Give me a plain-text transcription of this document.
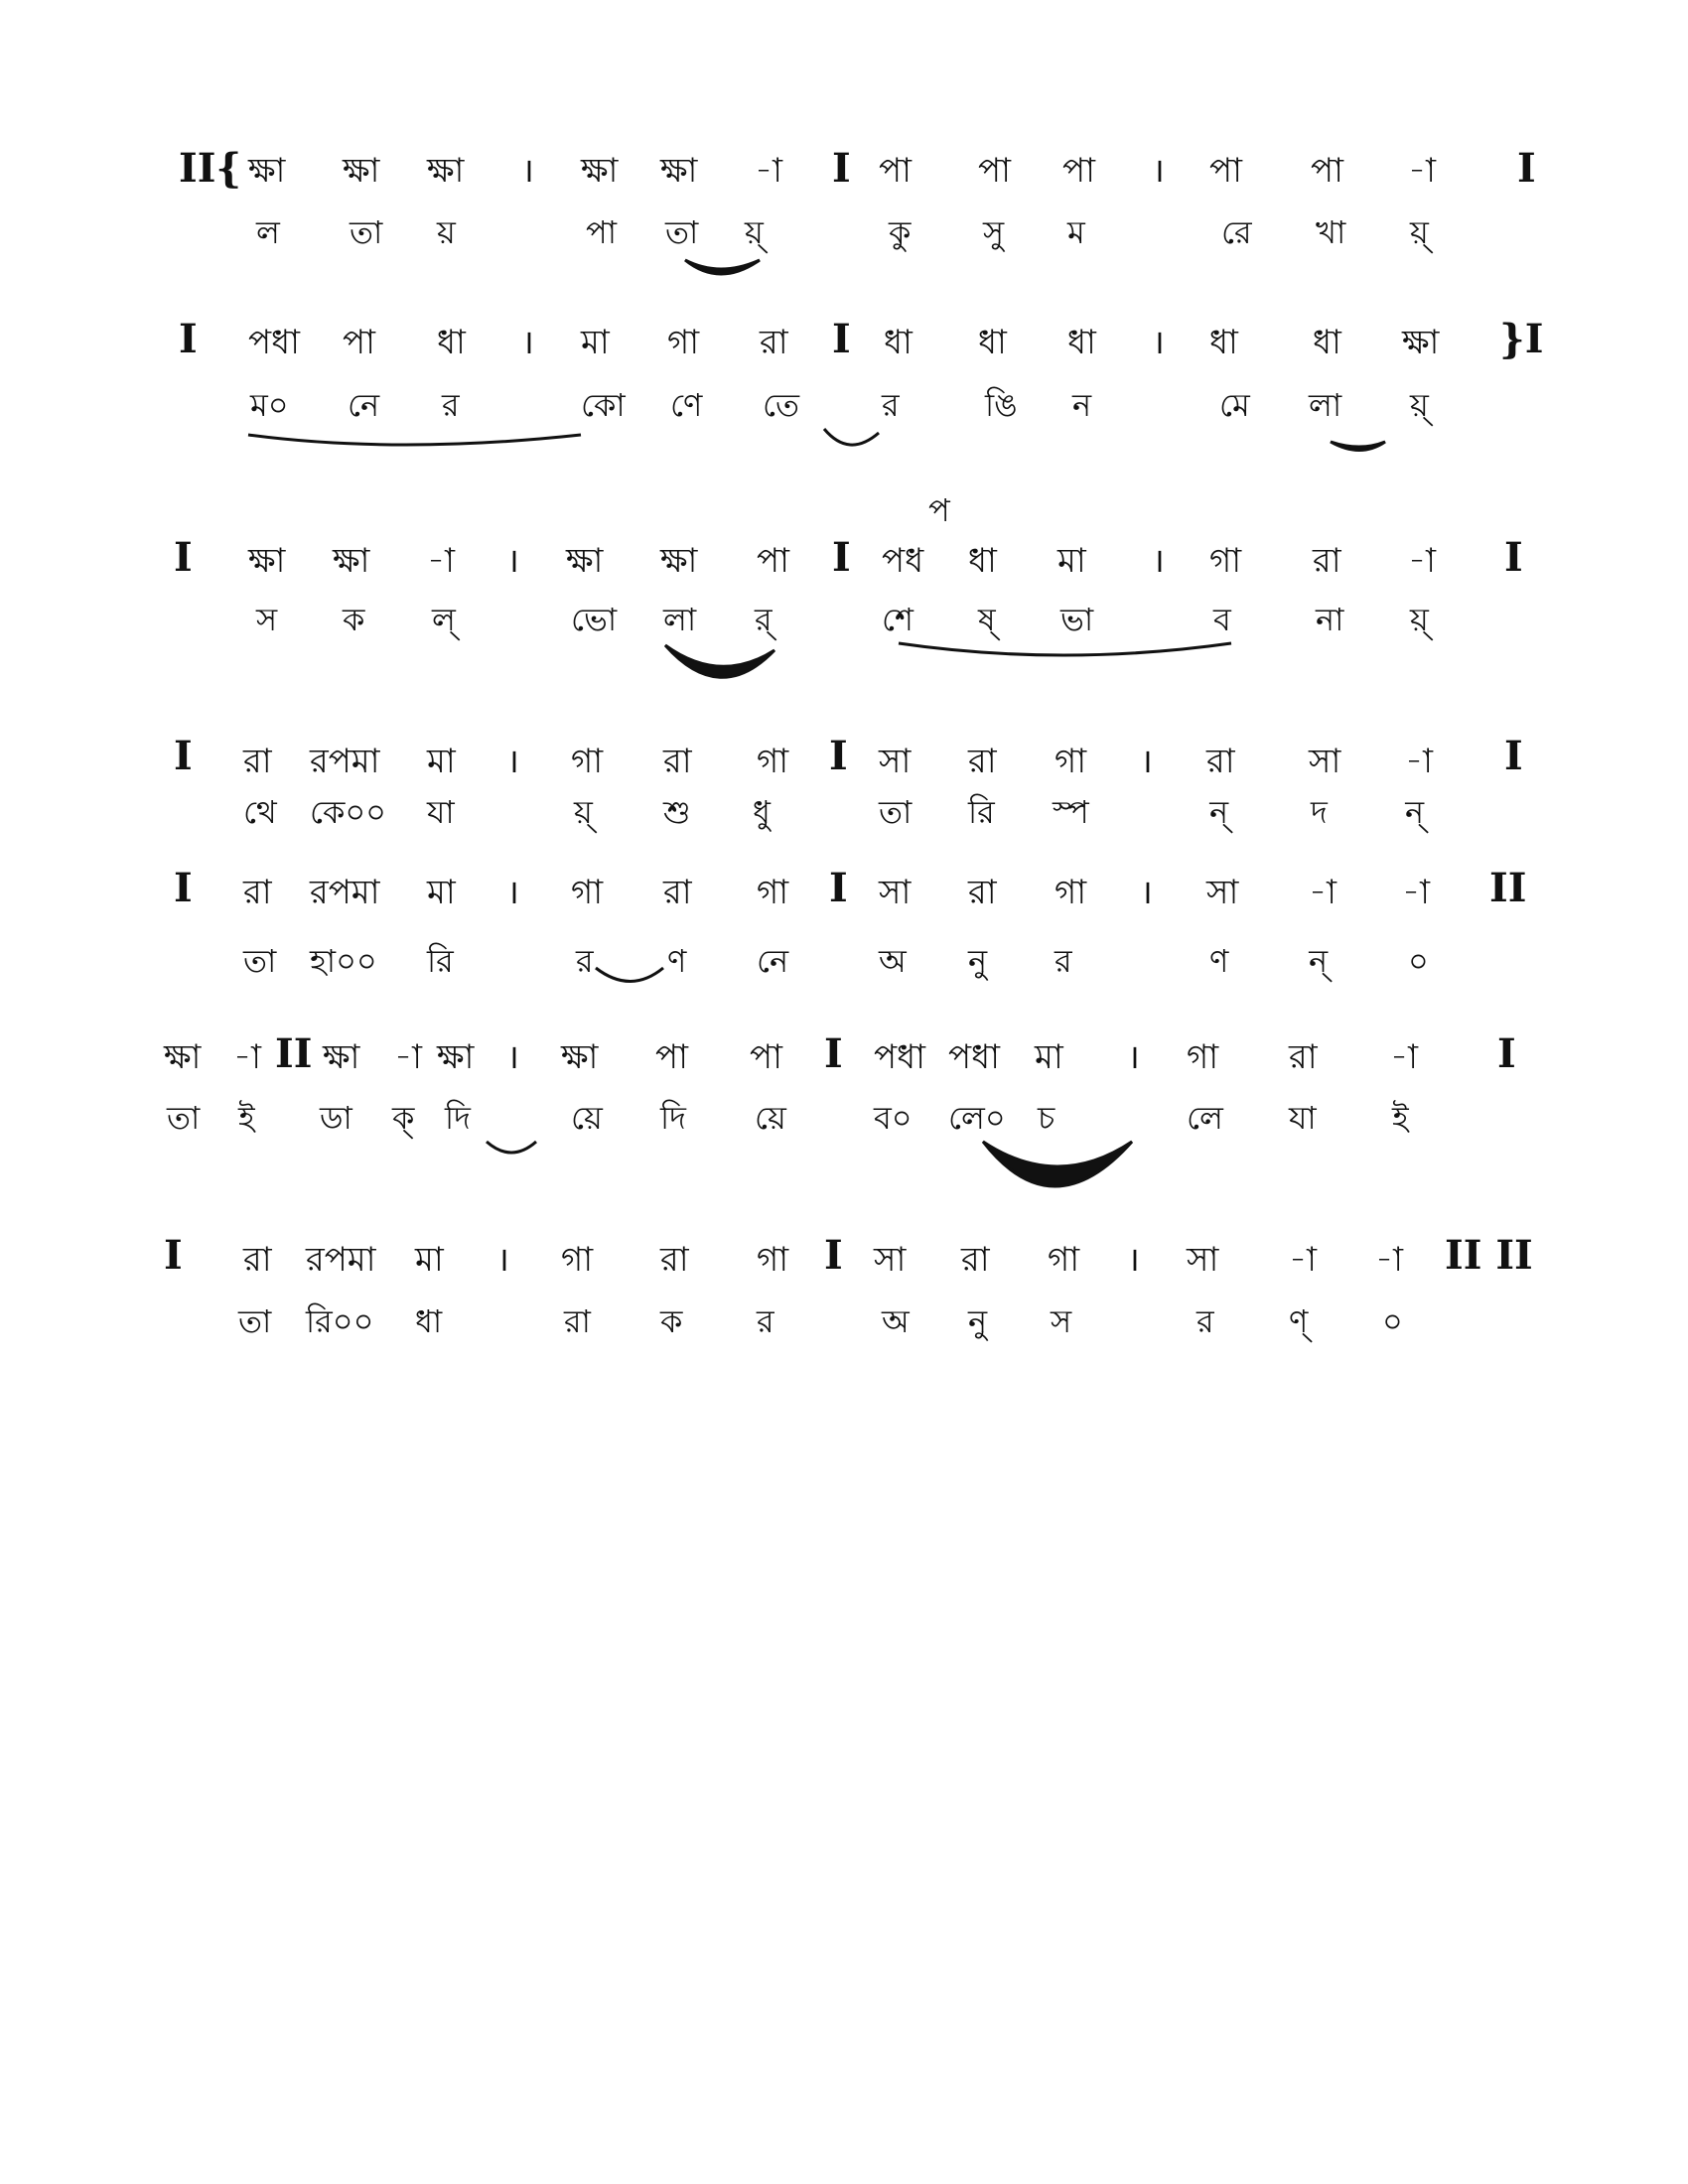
II{ ক্ষা ক্ষা ক্ষা । ক্ষা ক্ষা -া I পা পা পা । পা পা -া I
ল তা য়	পা তা য়্	কু সু ম	রে খা য়্
I পধা পা ধা । মা গা রা I ধা ধা ধা । ধা ধা ক্ষা }I
ম০ নে র	কো ণে তে	র	ঙি ন	মে লা য়্
প
I ক্ষা ক্ষা -া । ক্ষা ক্ষা পা I পধ ধা মা । গা রা -া I
স ক ল্	ভো লা র্	শে ষ্ ভা	ব	না য়্
I রা রপমা মা । গা রা গা I সা রা গা । রা সা -া I
থে কে০০ যা	য়্ শু ধু	তা রি স্প	ন্	দ ন্
I রা রপমা মা । গা রা গা I সা রা গা । সা -া -া II
তা হা০০ রি	র ণ নে	অ নু র	ণ	ন্	০
ক্ষা -া II ক্ষা -া ক্ষা । ক্ষা পা পা I পধা পধা মা । গা রা -া I
তা ই ডা ক্ দি	য়ে দি য়ে	ব০ লে০ চ	লে যা ই
I রা রপমা মা । গা রা গা I সা রা গা । সা -া -া II II
তা রি০০ ধা	রা ক র	অ নু স	র ণ্ ০
